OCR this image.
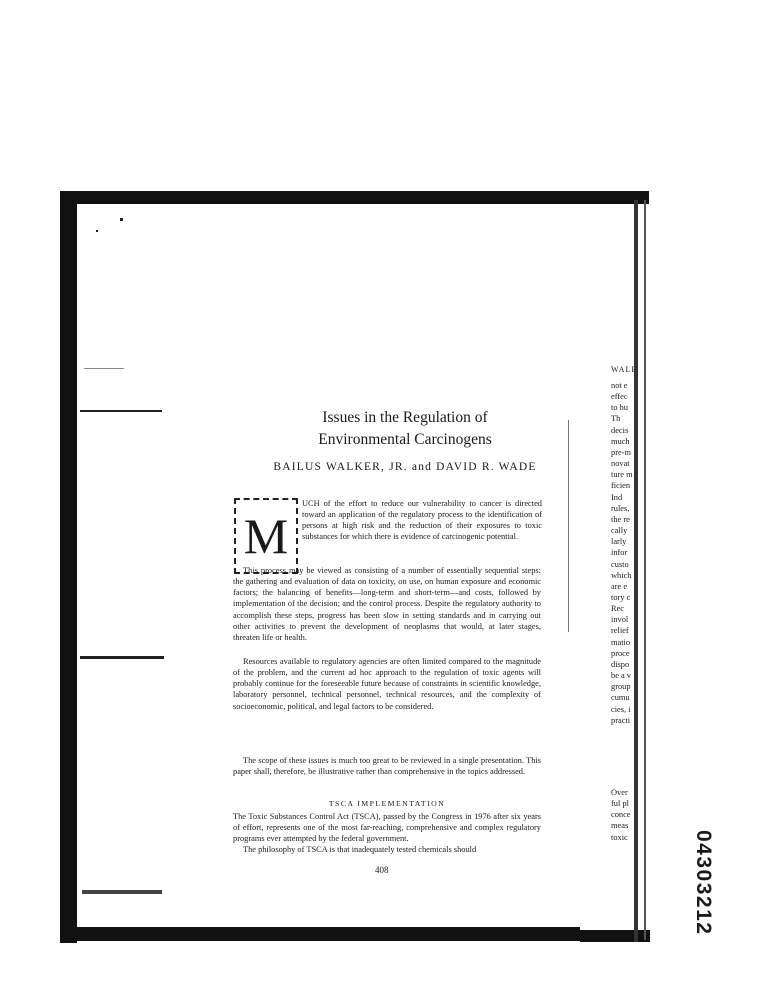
Issues in the Regulation of
Environmental Carcinogens
BAILUS WALKER, JR. and DAVID R. WADE
M
UCH of the effort to reduce our vulnerability to cancer is directed toward an application of the regulatory process to the identification of persons at high risk and the reduction of their exposures to toxic substances for which there is evidence of carcinogenic potential.
This process may be viewed as consisting of a number of essentially sequential steps: the gathering and evaluation of data on toxicity, on use, on human exposure and economic factors; the balancing of benefits—long-term and short-term—and costs, followed by implementation of the decision; and the control process. Despite the regulatory authority to accomplish these steps, progress has been slow in setting standards and in carrying out other activities to prevent the development of neoplasms that would, at later stages, threaten life or health.
Resources available to regulatory agencies are often limited compared to the magnitude of the problem, and the current ad hoc approach to the regulation of toxic agents will probably continue for the foreseeable future because of constraints in scientific knowledge, laboratory personnel, technical personnel, technical resources, and the complexity of socioeconomic, political, and legal factors to be considered.
The scope of these issues is much too great to be reviewed in a single presentation. This paper shall, therefore, be illustrative rather than comprehensive in the topics addressed.
TSCA IMPLEMENTATION
The Toxic Substances Control Act (TSCA), passed by the Congress in 1976 after six years of effort, represents one of the most far-reaching, comprehensive and complex regulatory programs ever attempted by the federal government.
The philosophy of TSCA is that inadequately tested chemicals should
408
WALF
not e
effec
to hu
Th
decis
much
pre-m
novat
ture m
ficien
Ind
rules,
the re
cally
larly
infor
custo
which
are e
tory c
Rec
invol
relief
matio
proce
dispo
be a v
group
cumu
cies, i
practi
Over
ful pl
conce
meas
toxic	04303212
